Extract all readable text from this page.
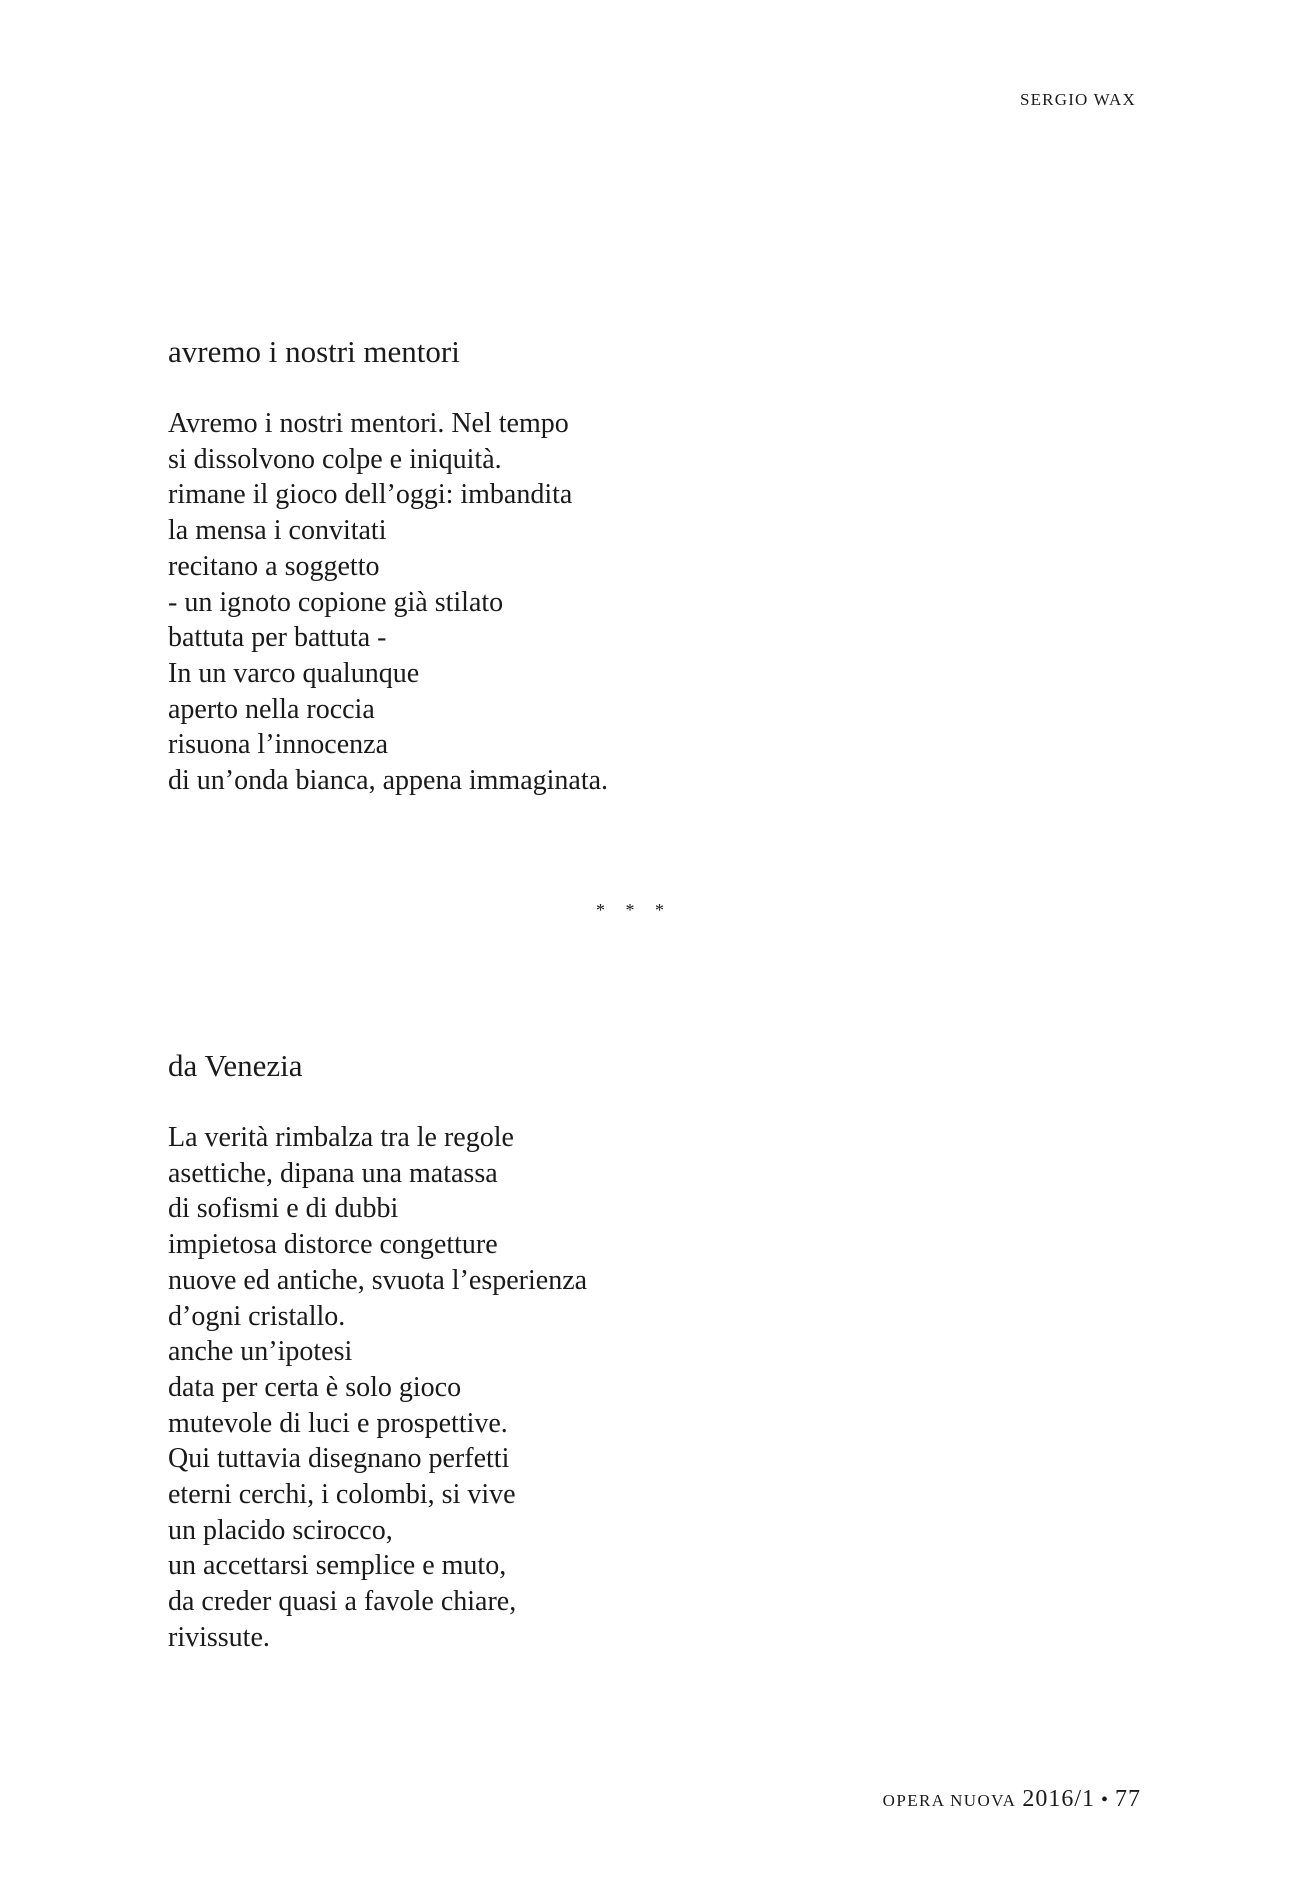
SERGIO WAX
avremo i nostri mentori
Avremo i nostri mentori. Nel tempo
si dissolvono colpe e iniquità.
rimane il gioco dell’oggi: imbandita
la mensa i convitati
recitano a soggetto
- un ignoto copione già stilato
battuta per battuta -
In un varco qualunque
aperto nella roccia
risuona l’innocenza
di un’onda bianca, appena immaginata.
* * *
da Venezia
La verità rimbalza tra le regole
asettiche, dipana una matassa
di sofismi e di dubbi
impietosa distorce congetture
nuove ed antiche, svuota l’esperienza
d’ogni cristallo.
anche un’ipotesi
data per certa è solo gioco
mutevole di luci e prospettive.
Qui tuttavia disegnano perfetti
eterni cerchi, i colombi, si vive
un placido scirocco,
un accettarsi semplice e muto,
da creder quasi a favole chiare,
rivissute.
OPERA NUOVA 2016/1 • 77
